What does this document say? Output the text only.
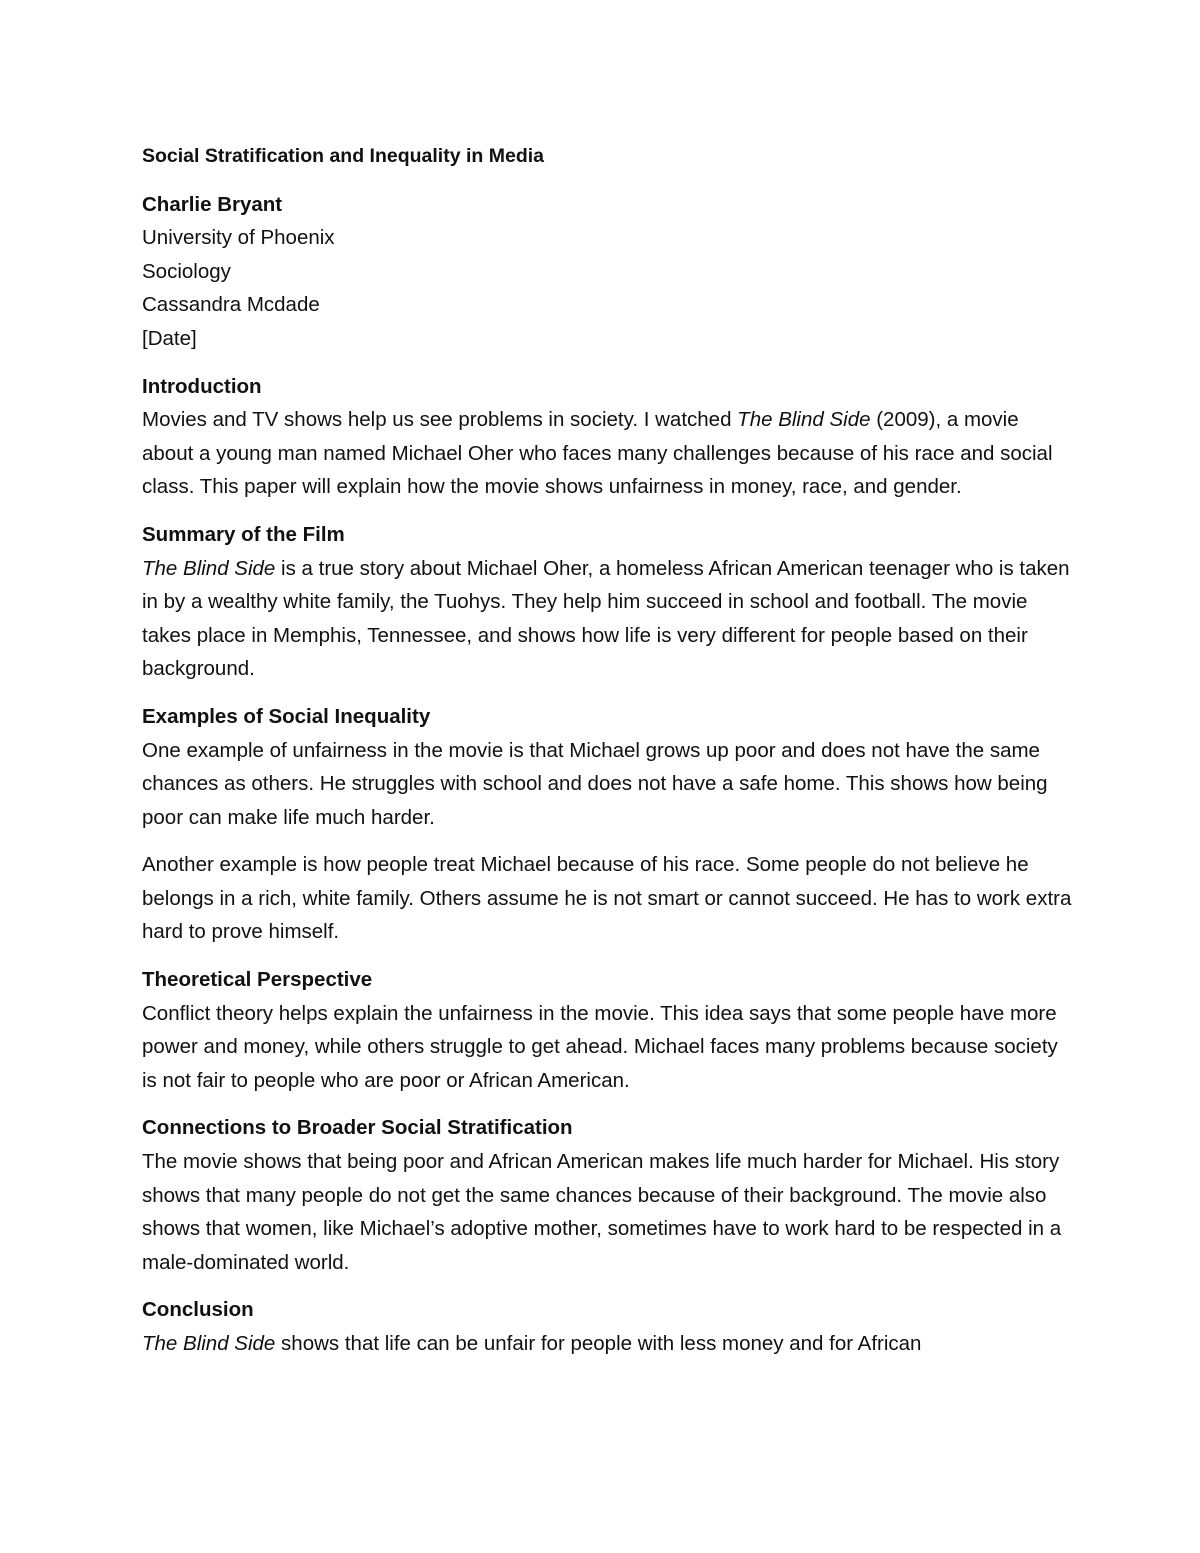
Social Stratification and Inequality in Media

Charlie Bryant

University of Phoenix

Sociology

Cassandra Mcdade

[Date]

Introduction

Movies and TV shows help us see problems in society. I watched The Blind Side (2009), a movie about a young man named Michael Oher who faces many challenges because of his race and social class. This paper will explain how the movie shows unfairness in money, race, and gender.

Summary of the Film

The Blind Side is a true story about Michael Oher, a homeless African American teenager who is taken in by a wealthy white family, the Tuohys. They help him succeed in school and football. The movie takes place in Memphis, Tennessee, and shows how life is very different for people based on their background.

Examples of Social Inequality

One example of unfairness in the movie is that Michael grows up poor and does not have the same chances as others. He struggles with school and does not have a safe home. This shows how being poor can make life much harder.

Another example is how people treat Michael because of his race. Some people do not believe he belongs in a rich, white family. Others assume he is not smart or cannot succeed. He has to work extra hard to prove himself.

Theoretical Perspective

Conflict theory helps explain the unfairness in the movie. This idea says that some people have more power and money, while others struggle to get ahead. Michael faces many problems because society is not fair to people who are poor or African American.

Connections to Broader Social Stratification

The movie shows that being poor and African American makes life much harder for Michael. His story shows that many people do not get the same chances because of their background. The movie also shows that women, like Michael’s adoptive mother, sometimes have to work hard to be respected in a male-dominated world.

Conclusion

The Blind Side shows that life can be unfair for people with less money and for African
